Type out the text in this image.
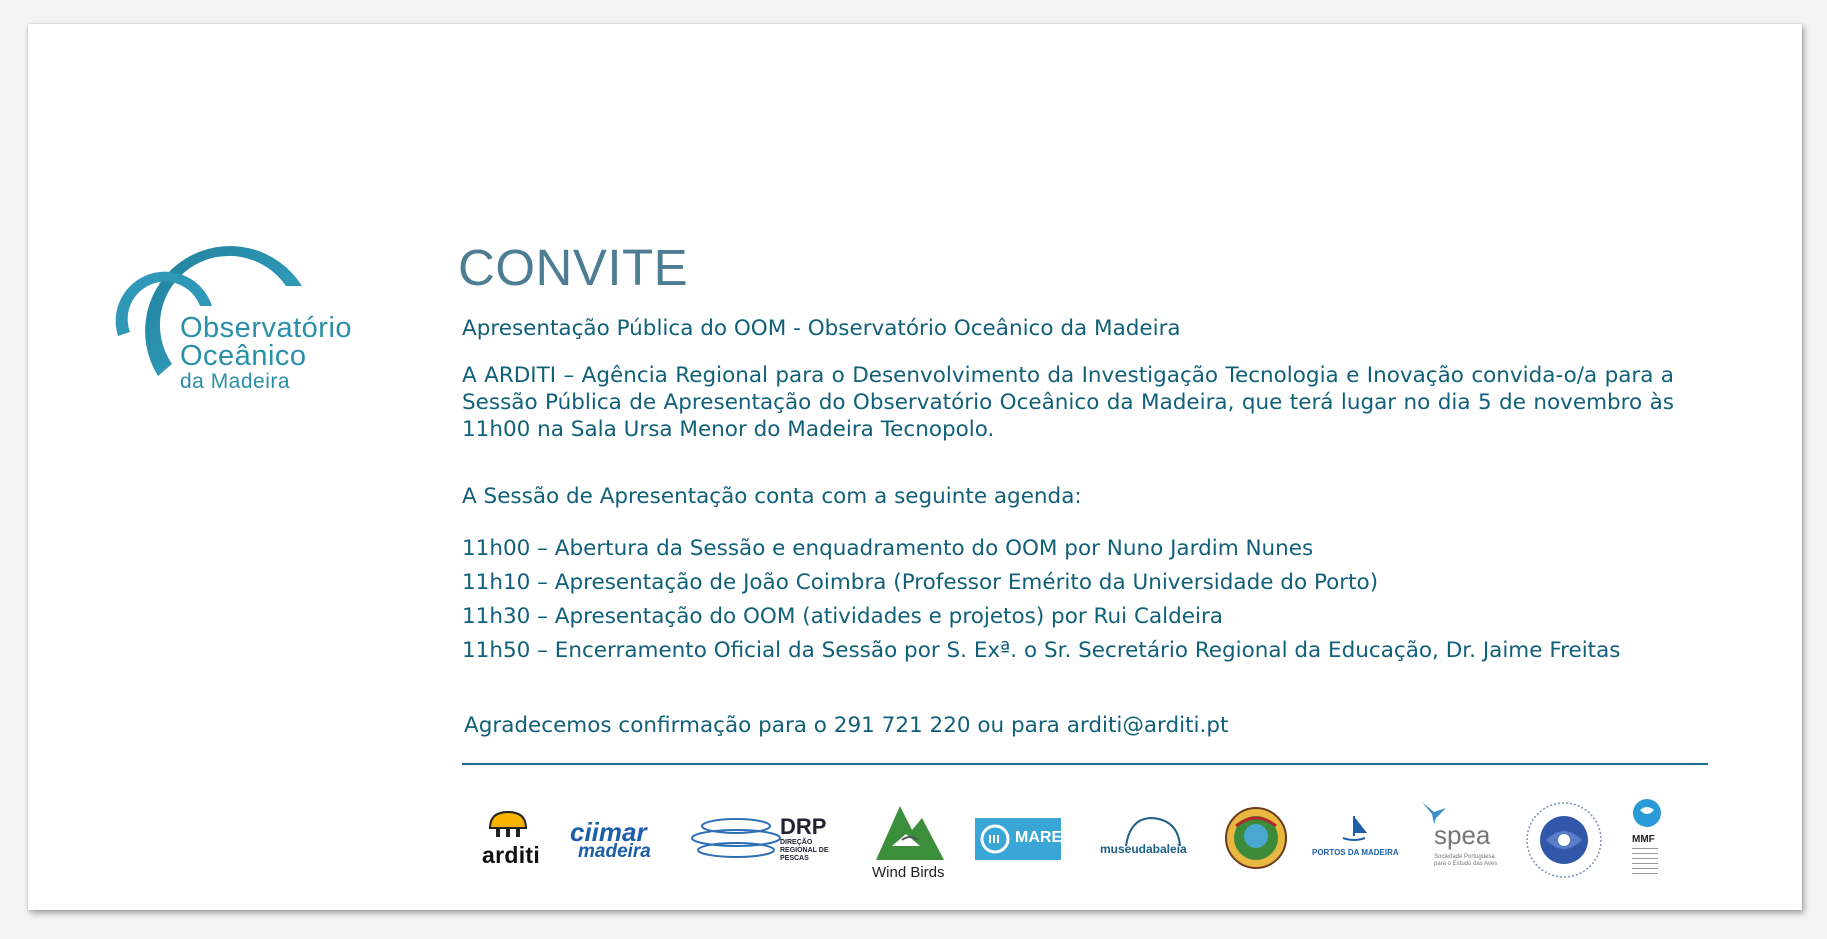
Observatório
Oceânico
da Madeira
CONVITE
Apresentação Pública do OOM - Observatório Oceânico da Madeira
A ARDITI – Agência Regional para o Desenvolvimento da Investigação Tecnologia e Inovação convida-o/a para a Sessão Pública de Apresentação do Observatório Oceânico da Madeira, que terá lugar no dia 5 de novembro às 11h00 na Sala Ursa Menor do Madeira Tecnopolo.
A Sessão de Apresentação conta com a seguinte agenda:
11h00 – Abertura da Sessão e enquadramento do OOM por Nuno Jardim Nunes
11h10 – Apresentação de João Coimbra (Professor Emérito da Universidade do Porto)
11h30 – Apresentação do OOM (atividades e projetos) por Rui Caldeira
11h50 – Encerramento Oficial da Sessão por S. Exª. o Sr. Secretário Regional da Educação, Dr. Jaime Freitas
Agradecemos confirmação para o 291 721 220 ou para arditi@arditi.pt
arditi
ciimar
madeira
DRP
DIREÇÃO
REGIONAL DE
PESCAS
Wind Birds
MARE
museudabaleia	PORTOS DA MADEIRA
spea
Sociedade Portuguesa
para o Estudo das Aves
MMF
